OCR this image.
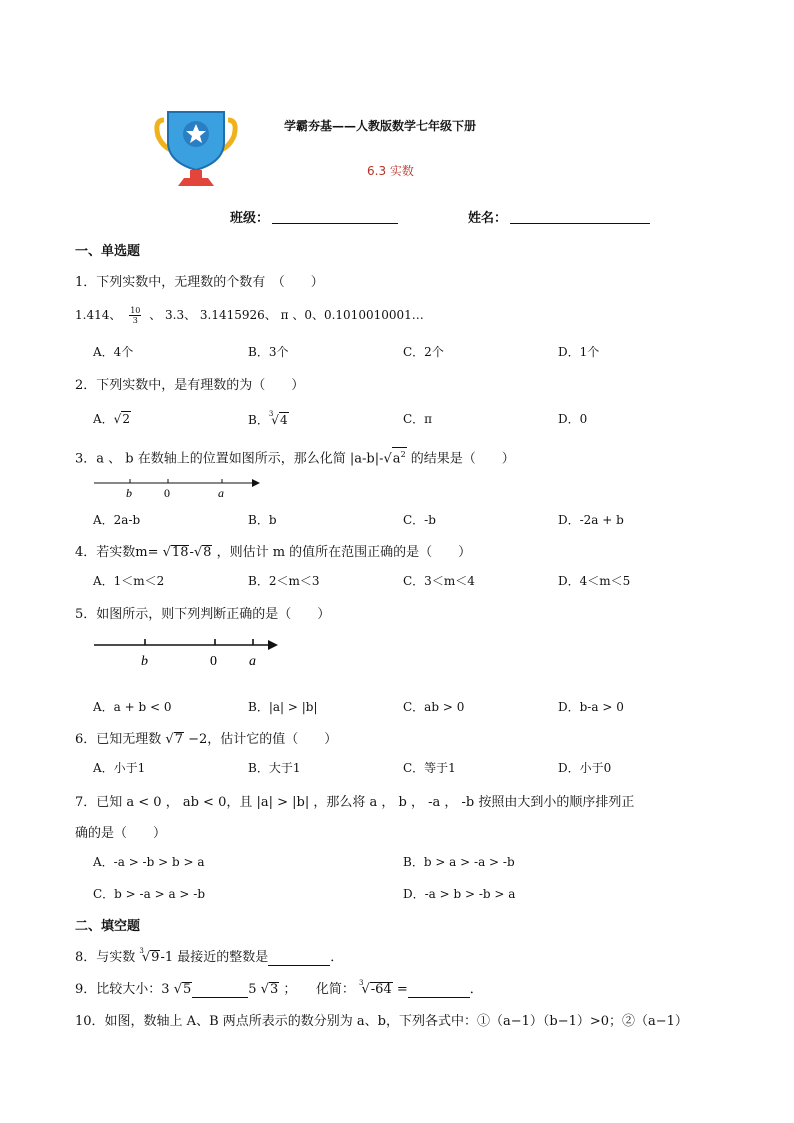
学霸夯基——人教版数学七年级下册
6.3 实数
班级：	姓名：
一、单选题
1．下列实数中，无理数的个数有　（　　）
1.414、 $\frac{10}{3}$ 、 3.3、 3.1415926、 π 、0、0.1010010001…
A．4个	B．3个	C．2个	D．1个
2．下列实数中，是有理数的为（　　）
A．√2	B．$^3$√4	C．π	D．0
3．a 、 b 在数轴上的位置如图所示，那么化简 $|a-b|-√a^2$ 的结果是（　　）
b	0	a
A．2a-b	B．b	C．-b	D．-2a + b
4．若实数m= √18-√8 ，则估计 m 的值所在范围正确的是（　　）
A．1＜m＜2	B．2＜m＜3	C．3＜m＜4	D．4＜m＜5
5．如图所示，则下列判断正确的是（　　）
b	0 a
A．a + b < 0	B．|a| > |b|	C．ab > 0	D．b-a > 0
6．已知无理数 √7 −2，估计它的值（　　）
A．小于1	B．大于1	C．等于1	D．小于0
7．已知 a < 0 ， ab < 0，且 |a| > |b| ，那么将 a ， b ， -a ， -b 按照由大到小的顺序排列正
确的是（　　）
A．-a > -b > b > a	B．b > a > -a > -b
C．b > -a > a > -b	D．-a > b > -b > a
二、填空题
8．与实数 $^3$√9-1 最接近的整数是	．
9．比较大小：3 √5	5 √3 ；　　化简： $^3$√-64 =	．
10．如图，数轴上 A、B 两点所表示的数分别为 a、b，下列各式中：①（a−1）（b−1）>0；②（a−1）
